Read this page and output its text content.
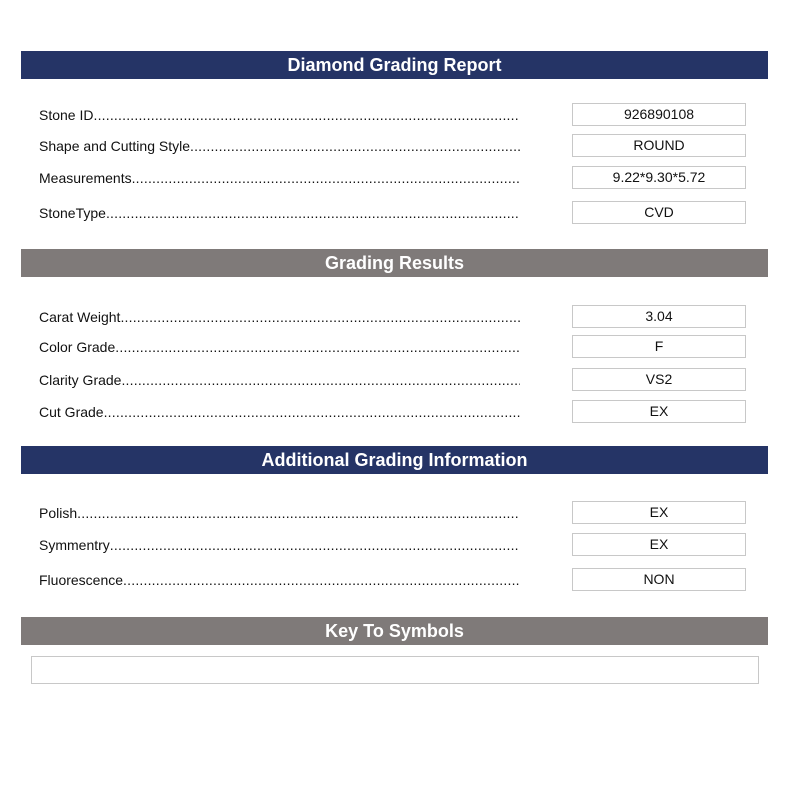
Diamond Grading Report
Stone ID .....	926890108
Shape and Cutting Style .....	ROUND
Measurements .....	9.22*9.30*5.72
StoneType .....	CVD
Grading Results
Carat Weight .....	3.04
Color Grade .....	F
Clarity Grade .....	VS2
Cut Grade .....	EX
Additional Grading Information
Polish .....	EX
Symmentry .....	EX
Fluorescence .....	NON
Key To Symbols
